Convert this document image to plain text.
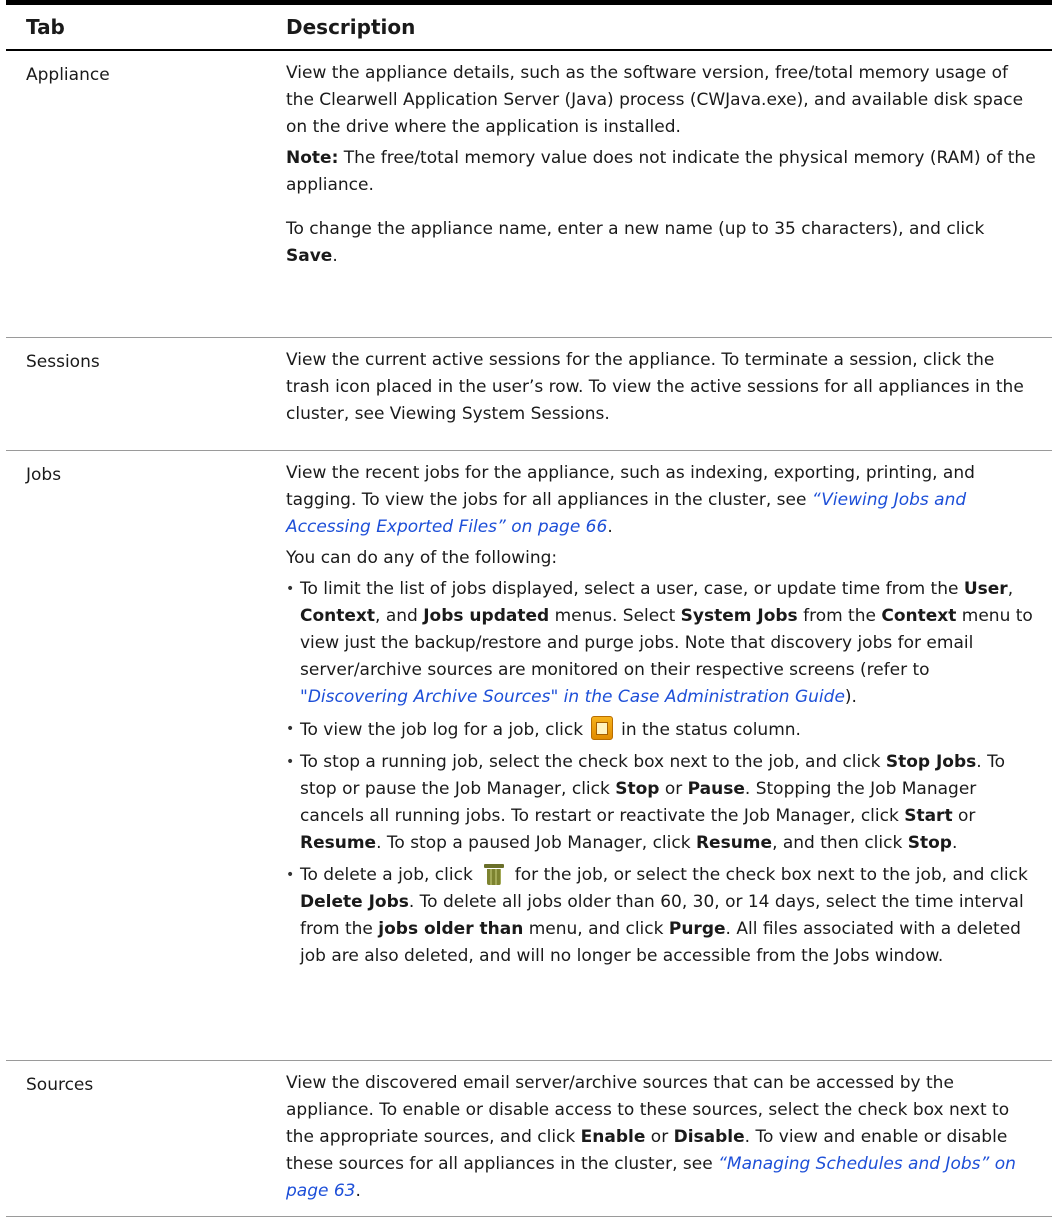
Tab	Description
Appliance	View the appliance details, such as the software version, free/total memory usage of the Clearwell Application Server (Java) process (CWJava.exe), and available disk space on the drive where the application is installed.

Note: The free/total memory value does not indicate the physical memory (RAM) of the appliance.

To change the appliance name, enter a new name (up to 35 characters), and click Save.

Sessions	View the current active sessions for the appliance. To terminate a session, click the trash icon placed in the user’s row. To view the active sessions for all appliances in the cluster, see Viewing System Sessions.

Jobs	View the recent jobs for the appliance, such as indexing, exporting, printing, and tagging. To view the jobs for all appliances in the cluster, see “Viewing Jobs and Accessing Exported Files” on page 66.

You can do any of the following:

• To limit the list of jobs displayed, select a user, case, or update time from the User, Context, and Jobs updated menus. Select System Jobs from the Context menu to view just the backup/restore and purge jobs. Note that discovery jobs for email server/archive sources are monitored on their respective screens (refer to "Discovering Archive Sources" in the Case Administration Guide).
• To view the job log for a job, click in the status column.
• To stop a running job, select the check box next to the job, and click Stop Jobs. To stop or pause the Job Manager, click Stop or Pause. Stopping the Job Manager cancels all running jobs. To restart or reactivate the Job Manager, click Start or Resume. To stop a paused Job Manager, click Resume, and then click Stop.
• To delete a job, click for the job, or select the check box next to the job, and click Delete Jobs. To delete all jobs older than 60, 30, or 14 days, select the time interval from the jobs older than menu, and click Purge. All files associated with a deleted job are also deleted, and will no longer be accessible from the Jobs window.
Sources	View the discovered email server/archive sources that can be accessed by the appliance. To enable or disable access to these sources, select the check box next to the appropriate sources, and click Enable or Disable. To view and enable or disable these sources for all appliances in the cluster, see “Managing Schedules and Jobs” on page 63.
